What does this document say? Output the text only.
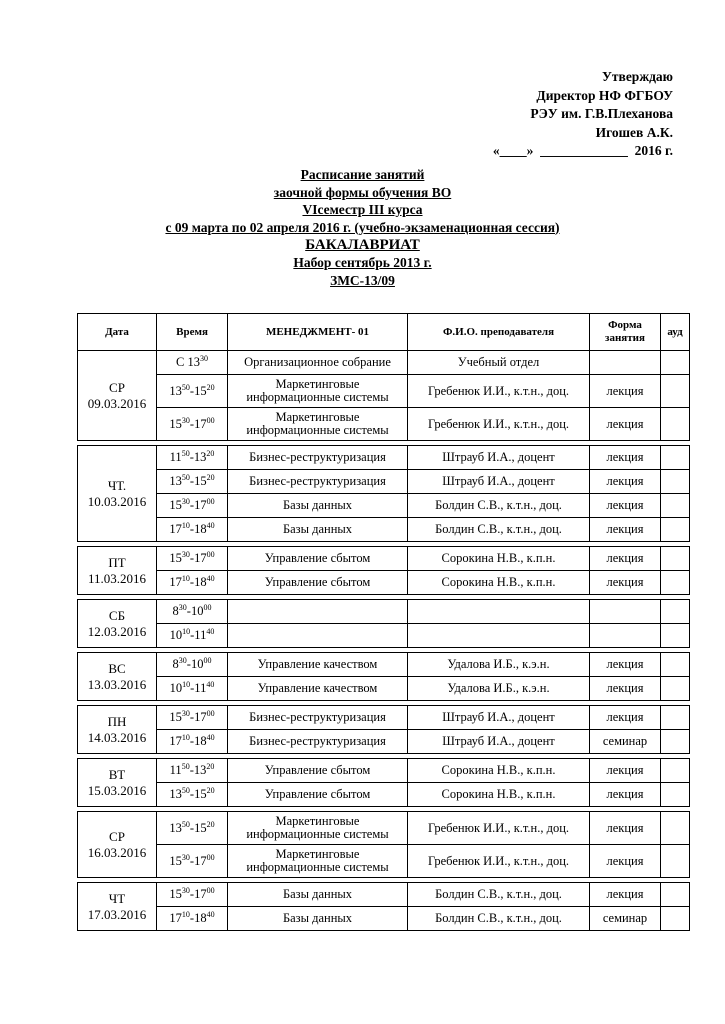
Утверждаю
Директор НФ ФГБОУ
РЭУ им. Г.В.Плеханова
Игошев А.К.
«____»  _____________  2016 г.
Расписание занятий
заочной формы обучения ВО
VIсеместр III курса
с 09 марта по 02 апреля 2016 г. (учебно-экзаменационная сессия)
БАКАЛАВРИАТ
Набор сентябрь 2013 г.
ЗМС-13/09
Дата	Время	МЕНЕДЖМЕНТ- 01	Ф.И.О. преподавателя	Форма занятия	ауд

СР
09.03.2016	С $13^{30}$	Организационное собрание	Учебный отдел		
	$13^{50}-15^{20}$	Маркетинговые информационные системы	Гребенюк И.И., к.т.н., доц.	лекция	
	$15^{30}-17^{00}$	Маркетинговые информационные системы	Гребенюк И.И., к.т.н., доц.	лекция	

ЧТ.
10.03.2016	$11^{50}-13^{20}$	Бизнес-реструктуризация	Штрауб И.А., доцент	лекция	
	$13^{50}-15^{20}$	Бизнес-реструктуризация	Штрауб И.А., доцент	лекция	
	$15^{30}-17^{00}$	Базы данных	Болдин С.В., к.т.н., доц.	лекция	
	$17^{10}-18^{40}$	Базы данных	Болдин С.В., к.т.н., доц.	лекция	

ПТ
11.03.2016	$15^{30}-17^{00}$	Управление сбытом	Сорокина Н.В., к.п.н.	лекция	
	$17^{10}-18^{40}$	Управление сбытом	Сорокина Н.В., к.п.н.	лекция	

СБ
12.03.2016	$8^{30}-10^{00}$				
	$10^{10}-11^{40}$				

ВС
13.03.2016	$8^{30}-10^{00}$	Управление качеством	Удалова И.Б., к.э.н.	лекция	
	$10^{10}-11^{40}$	Управление качеством	Удалова И.Б., к.э.н.	лекция	

ПН
14.03.2016	$15^{30}-17^{00}$	Бизнес-реструктуризация	Штрауб И.А., доцент	лекция	
	$17^{10}-18^{40}$	Бизнес-реструктуризация	Штрауб И.А., доцент	семинар	

ВТ
15.03.2016	$11^{50}-13^{20}$	Управление сбытом	Сорокина Н.В., к.п.н.	лекция	
	$13^{50}-15^{20}$	Управление сбытом	Сорокина Н.В., к.п.н.	лекция	

СР
16.03.2016	$13^{50}-15^{20}$	Маркетинговые информационные системы	Гребенюк И.И., к.т.н., доц.	лекция	
	$15^{30}-17^{00}$	Маркетинговые информационные системы	Гребенюк И.И., к.т.н., доц.	лекция	

ЧТ
17.03.2016	$15^{30}-17^{00}$	Базы данных	Болдин С.В., к.т.н., доц.	лекция	
	$17^{10}-18^{40}$	Базы данных	Болдин С.В., к.т.н., доц.	семинар	
